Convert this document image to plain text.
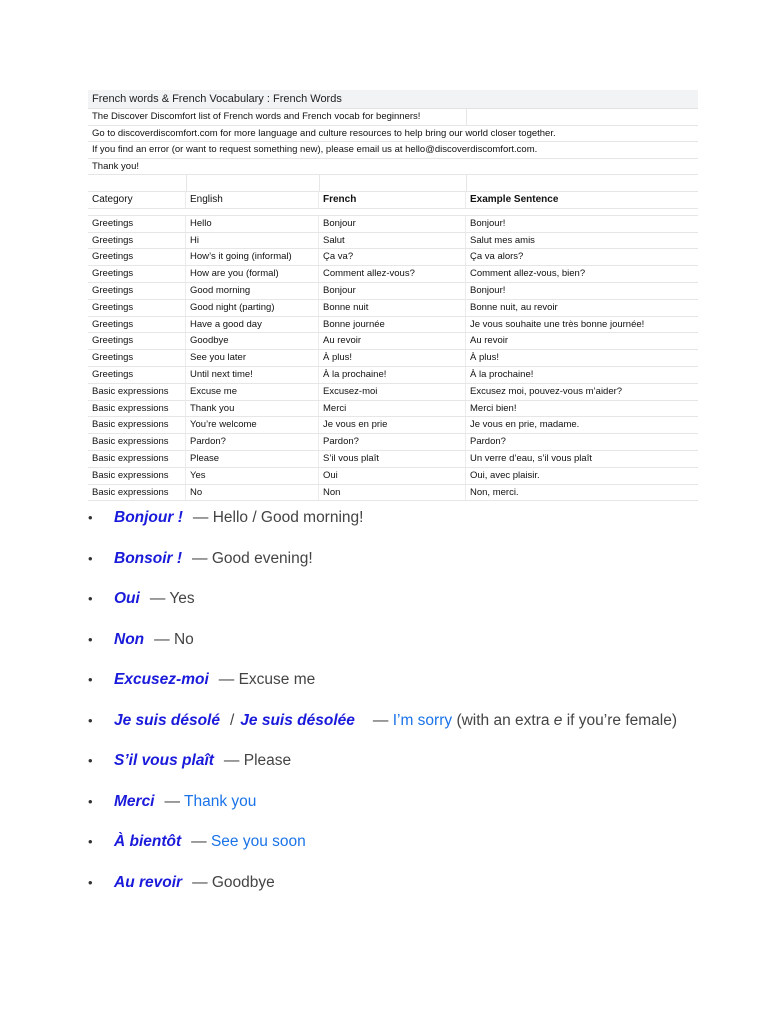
French words & French Vocabulary : French Words
The Discover Discomfort list of French words and French vocab for beginners!
Go to discoverdiscomfort.com for more language and culture resources to help bring our world closer together.
If you find an error (or want to request something new), please email us at hello@discoverdiscomfort.com.
Thank you!
Category	English	French	Example Sentence
Greetings	Hello	Bonjour	Bonjour!
Greetings	Hi	Salut	Salut mes amis
Greetings	How’s it going (informal)	Ça va?	Ça va alors?
Greetings	How are you (formal)	Comment allez-vous?	Comment allez-vous, bien?
Greetings	Good morning	Bonjour	Bonjour!
Greetings	Good night (parting)	Bonne nuit	Bonne nuit, au revoir
Greetings	Have a good day	Bonne journée	Je vous souhaite une très bonne journée!
Greetings	Goodbye	Au revoir	Au revoir
Greetings	See you later	À plus!	À plus!
Greetings	Until next time!	À la prochaine!	À la prochaine!
Basic expressions	Excuse me	Excusez-moi	Excusez moi, pouvez-vous m’aider?
Basic expressions	Thank you	Merci	Merci bien!
Basic expressions	You’re welcome	Je vous en prie	Je vous en prie, madame.
Basic expressions	Pardon?	Pardon?	Pardon?
Basic expressions	Please	S’il vous plaît	Un verre d’eau, s’il vous plaît
Basic expressions	Yes	Oui	Oui, avec plaisir.
Basic expressions	No	Non	Non, merci.
• Bonjour ! — Hello / Good morning!
• Bonsoir ! — Good evening!
• Oui — Yes
• Non — No
• Excusez-moi — Excuse me
• Je suis désolé / Je suis désolée — I’m sorry (with an extra e if you’re female)
• S’il vous plaît — Please
• Merci — Thank you
• À bientôt — See you soon
• Au revoir — Goodbye
